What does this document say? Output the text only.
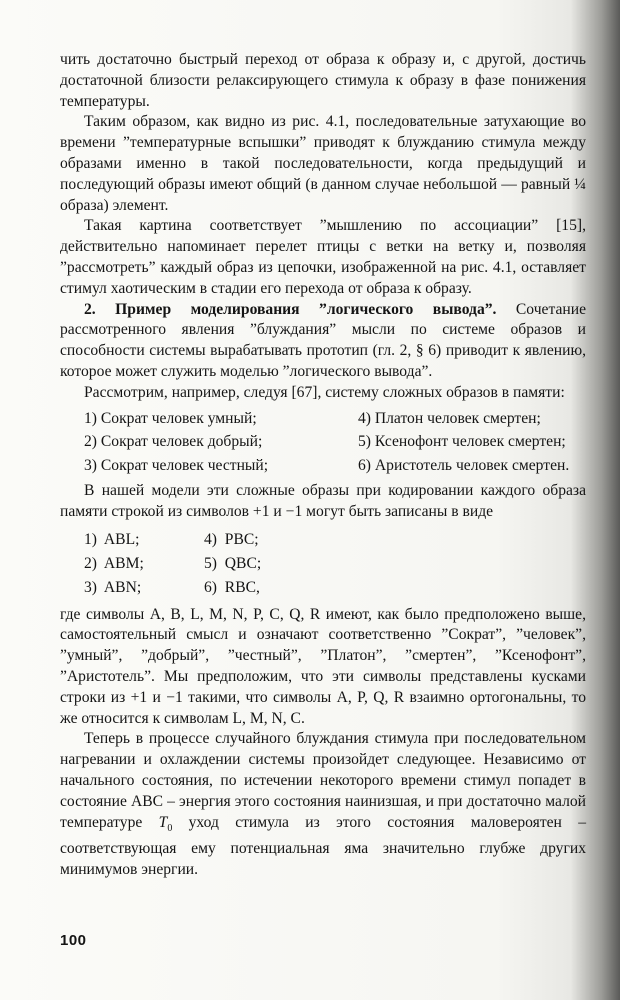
чить достаточно быстрый переход от образа к образу и, с другой, достичь достаточной близости релаксирующего стимула к образу в фазе понижения температуры.

Таким образом, как видно из рис. 4.1, последовательные затухающие во времени ”температурные вспышки” приводят к блужданию стимула между образами именно в такой последовательности, когда предыдущий и последующий образы имеют общий (в данном случае небольшой — равный ¼ образа) элемент.

Такая картина соответствует ”мышлению по ассоциации” [15], действительно напоминает перелет птицы с ветки на ветку и, позволяя ”рассмотреть” каждый образ из цепочки, изображенной на рис. 4.1, оставляет стимул хаотическим в стадии его перехода от образа к образу.

2. Пример моделирования ”логического вывода”. Сочетание рассмотренного явления ”блуждания” мысли по системе образов и способности системы вырабатывать прототип (гл. 2, § 6) приводит к явлению, которое может служить моделью ”логического вывода”.

Рассмотрим, например, следуя [67], систему сложных образов в памяти:

1) Сократ человек умный;	4) Платон человек смертен;
2) Сократ человек добрый;	5) Ксенофонт человек смертен;
3) Сократ человек честный;	6) Аристотель человек смертен.

В нашей модели эти сложные образы при кодировании каждого образа памяти строкой из символов +1 и −1 могут быть записаны в виде

1)  ABL;	4)  PBC;
2)  ABM;	5)  QBC;
3)  ABN;	6)  RBC,

где символы A, B, L, M, N, P, C, Q, R имеют, как было предположено выше, самостоятельный смысл и означают соответственно ”Сократ”, ”человек”, ”умный”, ”добрый”, ”честный”, ”Платон”, ”смертен”, ”Ксенофонт”, ”Аристотель”. Мы предположим, что эти символы представлены кусками строки из +1 и −1 такими, что символы A, P, Q, R взаимно ортогональны, то же относится к символам L, M, N, C.

Теперь в процессе случайного блуждания стимула при последовательном нагревании и охлаждении системы произойдет следующее. Независимо от начального состояния, по истечении некоторого времени стимул попадет в состояние ABC – энергия этого состояния наинизшая, и при достаточно малой температуре $T_0$ уход стимула из этого состояния маловероятен – соответствующая ему потенциальная яма значительно глубже других минимумов энергии.

100
